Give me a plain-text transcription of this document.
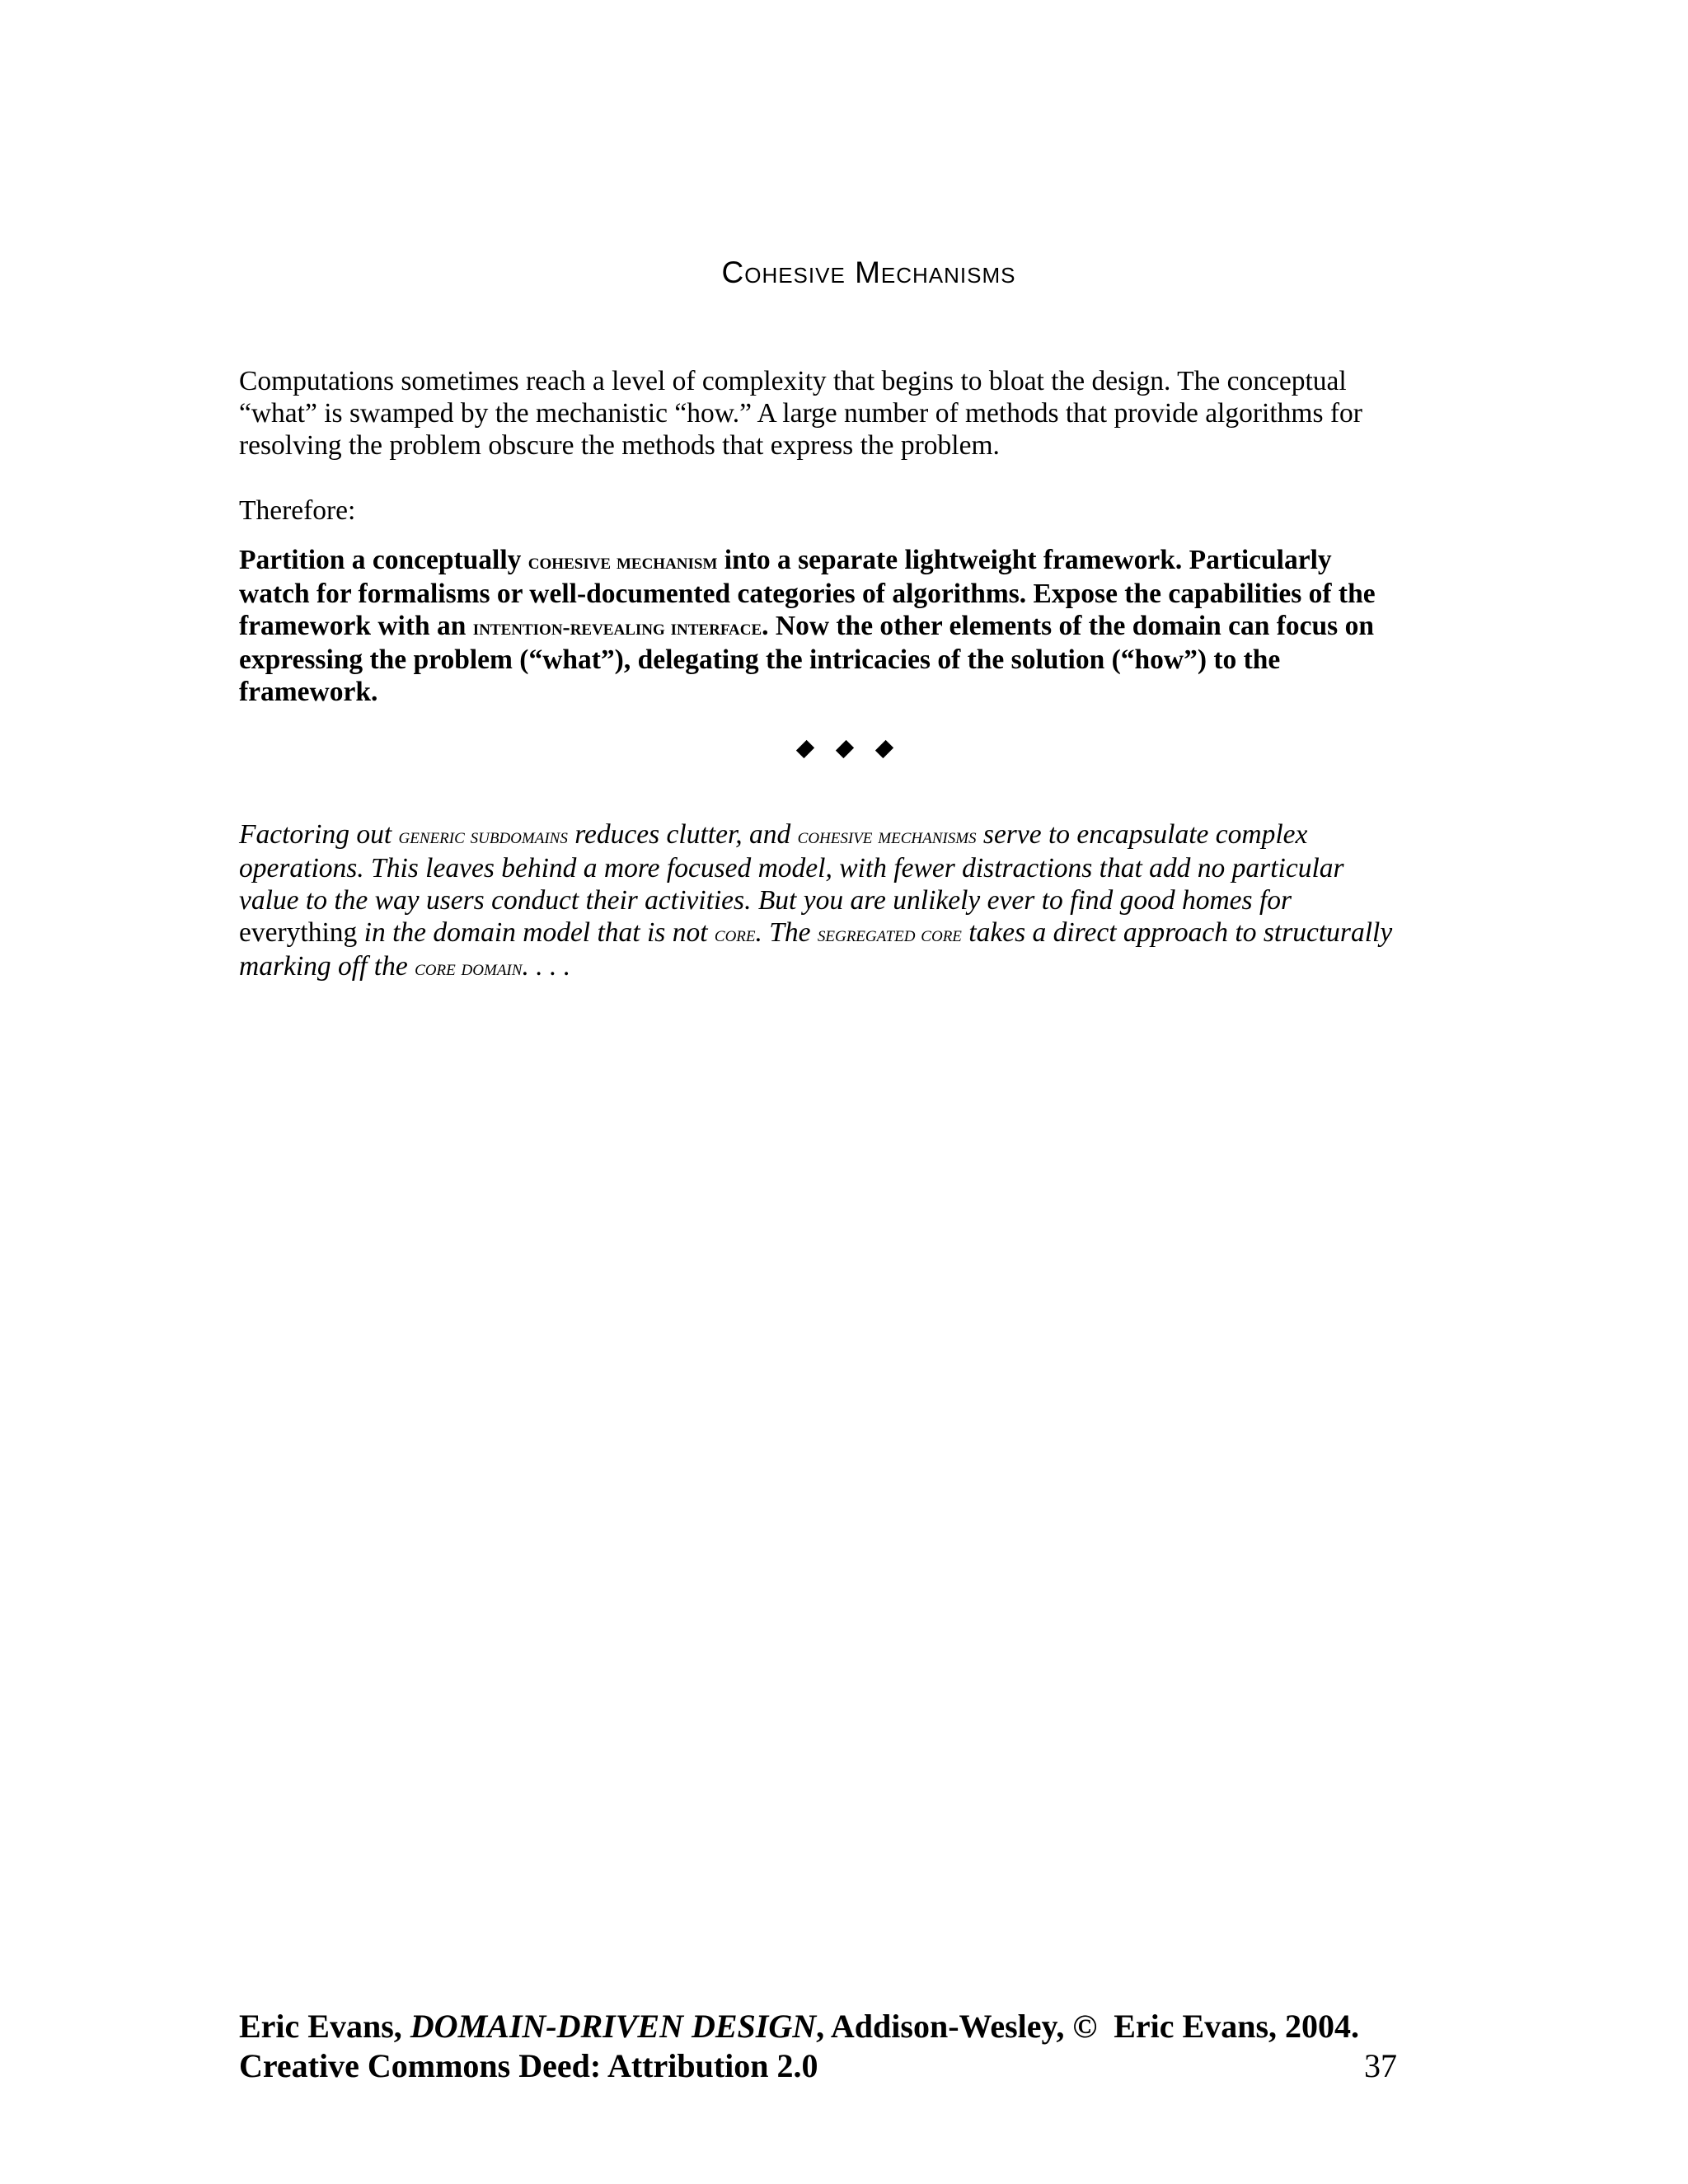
Cohesive Mechanisms

Computations sometimes reach a level of complexity that begins to bloat the design. The conceptual “what” is swamped by the mechanistic “how.” A large number of methods that provide algorithms for resolving the problem obscure the methods that express the problem.

Therefore:

Partition a conceptually cohesive mechanism into a separate lightweight framework. Particularly watch for formalisms or well-documented categories of algorithms. Expose the capabilities of the framework with an intention-revealing interface. Now the other elements of the domain can focus on expressing the problem (“what”), delegating the intricacies of the solution (“how”) to the framework.

Factoring out generic subdomains reduces clutter, and cohesive mechanisms serve to encapsulate complex operations. This leaves behind a more focused model, with fewer distractions that add no particular value to the way users conduct their activities. But you are unlikely ever to find good homes for everything in the domain model that is not core. The segregated core takes a direct approach to structurally marking off the core domain. . . .

Eric Evans, DOMAIN-DRIVEN DESIGN, Addison-Wesley, ©  Eric Evans, 2004.
Creative Commons Deed: Attribution 2.0	37
